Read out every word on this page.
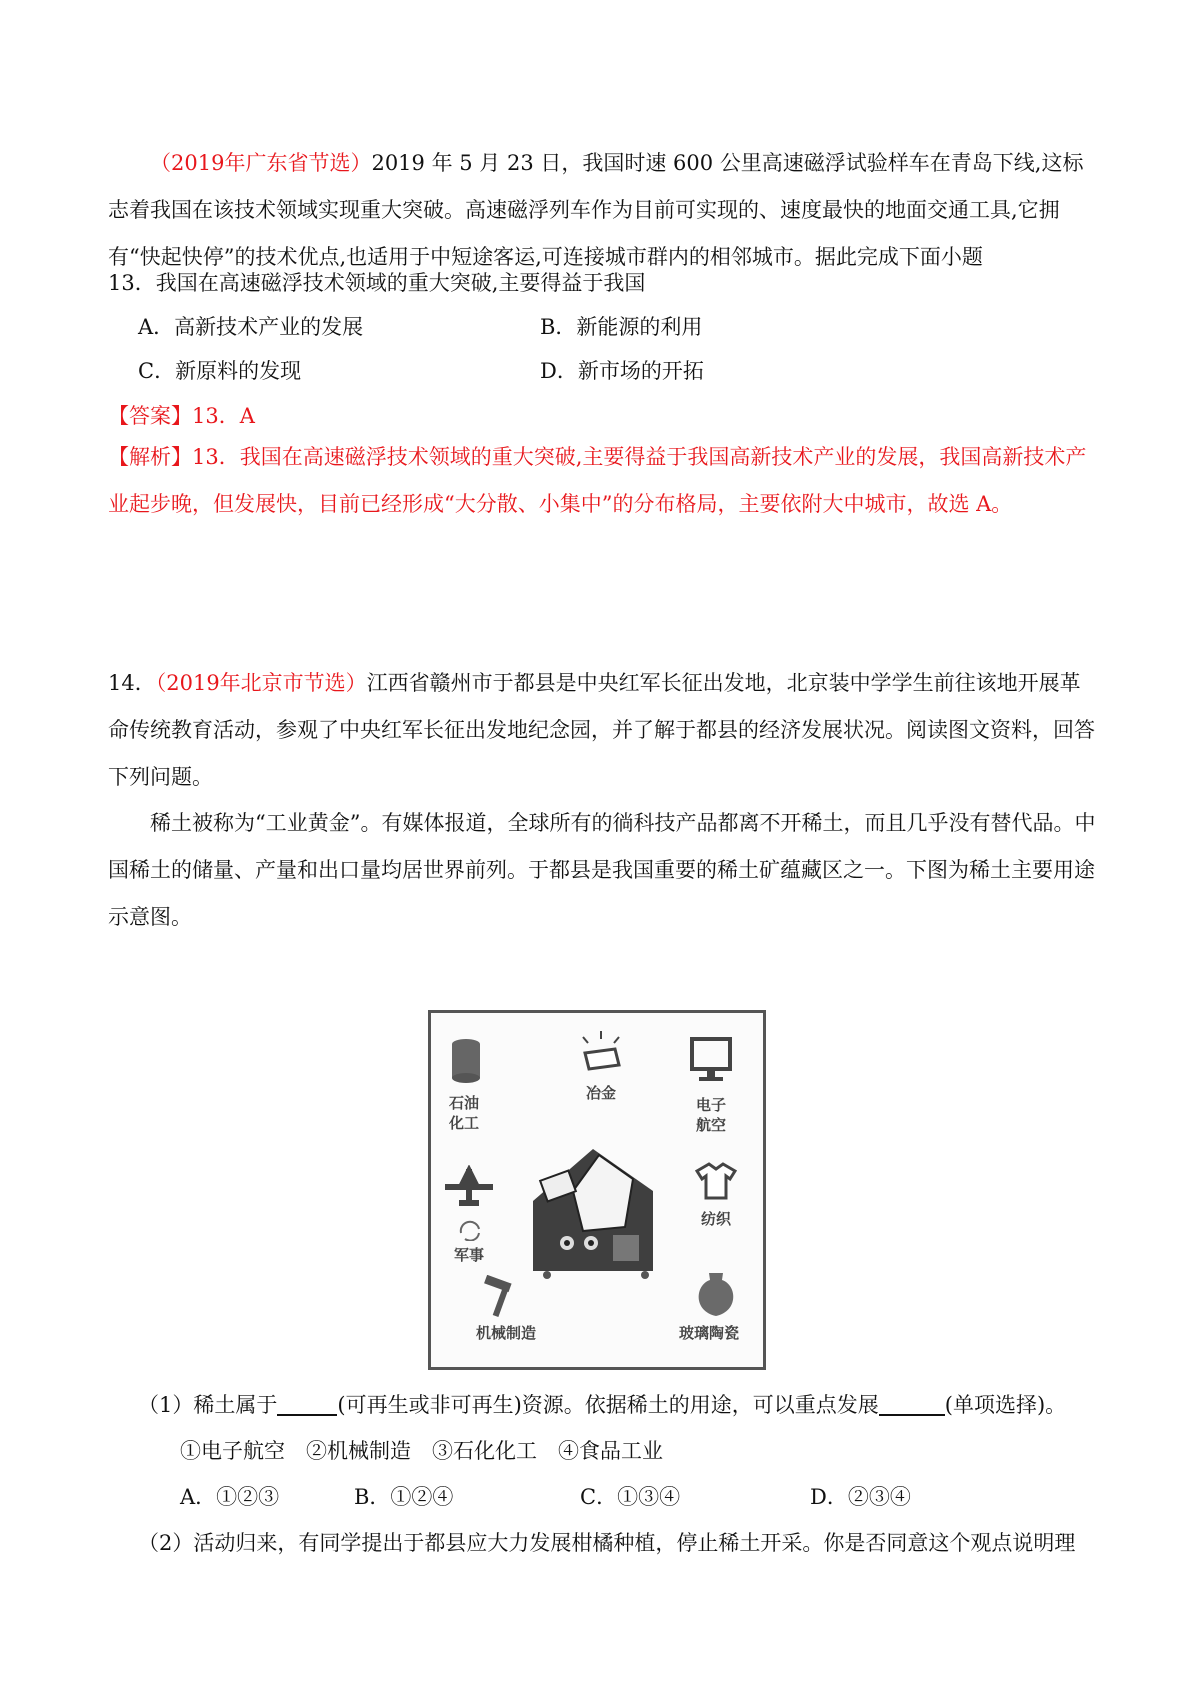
（2019年广东省节选）2019 年 5 月 23 日，我国时速 600 公里高速磁浮试验样车在青岛下线,这标志着我国在该技术领域实现重大突破。高速磁浮列车作为目前可实现的、速度最快的地面交通工具,它拥有“快起快停”的技术优点,也适用于中短途客运,可连接城市群内的相邻城市。据此完成下面小题

13．我国在高速磁浮技术领域的重大突破,主要得益于我国
A．高新技术产业的发展	B．新能源的利用
C．新原料的发现	D．新市场的开拓
【答案】13．A

【解析】13．我国在高速磁浮技术领域的重大突破,主要得益于我国高新技术产业的发展，我国高新技术产业起步晚，但发展快，目前已经形成“大分散、小集中”的分布格局，主要依附大中城市，故选 A。

14．（2019年北京市节选）江西省赣州市于都县是中央红军长征出发地，北京装中学学生前往该地开展革命传统教育活动，参观了中央红军长征出发地纪念园，并了解于都县的经济发展状况。阅读图文资料，回答下列问题。

稀土被称为“工业黄金”。有媒体报道，全球所有的徜科技产品都离不开稀土，而且几乎没有替代品。中国稀土的储量、产量和出口量均居世界前列。于都县是我国重要的稀土矿蕴藏区之一。下图为稀土主要用途示意图。

石油
化工
冶金
电子
航空
军事
纺织
机械制造	玻璃陶瓷
（1）稀土属于	(可再生或非可再生)资源。依据稀土的用途，可以重点发展	(单项选择)。
①电子航空　②机械制造　③石化化工　④食品工业
A．①②③	B．①②④	C．①③④	D．②③④
（2）活动归来，有同学提出于都县应大力发展柑橘种植，停止稀土开采。你是否同意这个观点说明理
